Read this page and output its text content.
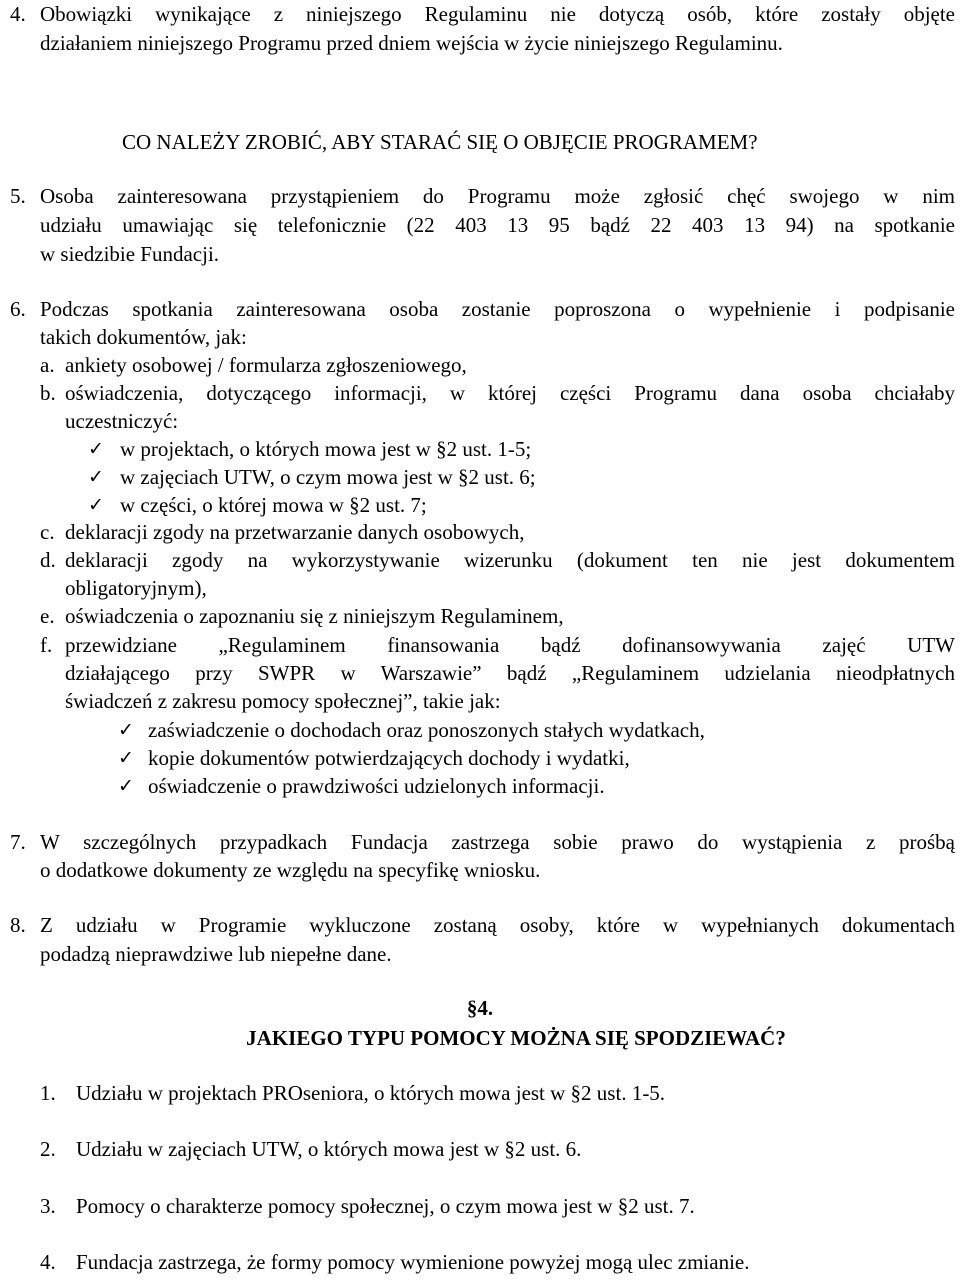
4. Obowiązki wynikające z niniejszego Regulaminu nie dotyczą osób, które zostały objęte
działaniem niniejszego Programu przed dniem wejścia w życie niniejszego Regulaminu.
CO NALEŻY ZROBIĆ, ABY STARAĆ SIĘ O OBJĘCIE PROGRAMEM?
5. Osoba zainteresowana przystąpieniem do Programu może zgłosić chęć swojego w nim
udziału umawiając się telefonicznie (22 403 13 95 bądź 22 403 13 94) na spotkanie
w siedzibie Fundacji.
6. Podczas spotkania zainteresowana osoba zostanie poproszona o wypełnienie i podpisanie
takich dokumentów, jak:
a. ankiety osobowej / formularza zgłoszeniowego,
b. oświadczenia, dotyczącego informacji, w której części Programu dana osoba chciałaby
uczestniczyć:
✓ w projektach, o których mowa jest w §2 ust. 1-5;
✓ w zajęciach UTW, o czym mowa jest w §2 ust. 6;
✓ w części, o której mowa w §2 ust. 7;
c. deklaracji zgody na przetwarzanie danych osobowych,
d. deklaracji zgody na wykorzystywanie wizerunku (dokument ten nie jest dokumentem
obligatoryjnym),
e. oświadczenia o zapoznaniu się z niniejszym Regulaminem,
f. przewidziane „Regulaminem finansowania bądź dofinansowywania zajęć UTW
działającego przy SWPR w Warszawie” bądź „Regulaminem udzielania nieodpłatnych
świadczeń z zakresu pomocy społecznej”, takie jak:
✓ zaświadczenie o dochodach oraz ponoszonych stałych wydatkach,
✓ kopie dokumentów potwierdzających dochody i wydatki,
✓ oświadczenie o prawdziwości udzielonych informacji.
7. W szczególnych przypadkach Fundacja zastrzega sobie prawo do wystąpienia z prośbą
o dodatkowe dokumenty ze względu na specyfikę wniosku.
8. Z udziału w Programie wykluczone zostaną osoby, które w wypełnianych dokumentach
podadzą nieprawdziwe lub niepełne dane.
§4.
JAKIEGO TYPU POMOCY MOŻNA SIĘ SPODZIEWAĆ?
1. Udziału w projektach PROseniora, o których mowa jest w §2 ust. 1-5.
2. Udziału w zajęciach UTW, o których mowa jest w §2 ust. 6.
3. Pomocy o charakterze pomocy społecznej, o czym mowa jest w §2 ust. 7.
4. Fundacja zastrzega, że formy pomocy wymienione powyżej mogą ulec zmianie.
